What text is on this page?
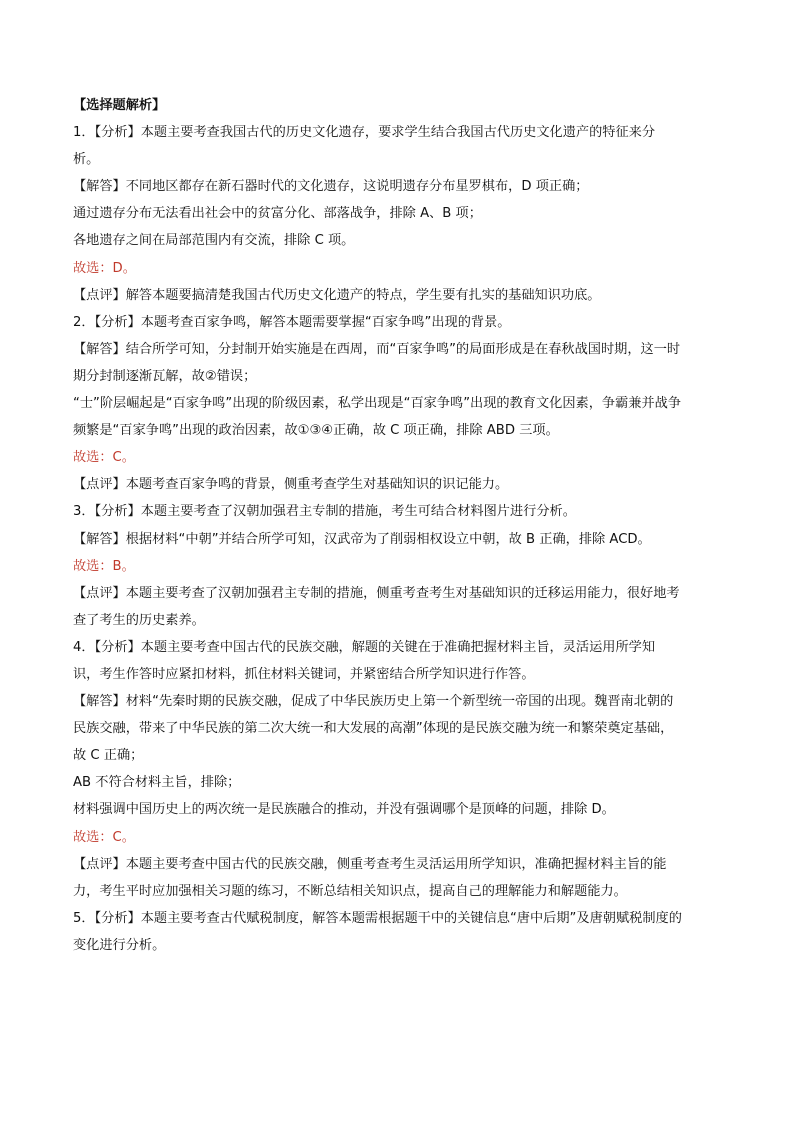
【选择题解析】
1．【分析】本题主要考查我国古代的历史文化遗存，要求学生结合我国古代历史文化遗产的特征来分
析。
【解答】不同地区都存在新石器时代的文化遗存，这说明遗存分布星罗棋布，D 项正确；
通过遗存分布无法看出社会中的贫富分化、部落战争，排除 A、B 项；
各地遗存之间在局部范围内有交流，排除 C 项。
故选：D。
【点评】解答本题要搞清楚我国古代历史文化遗产的特点，学生要有扎实的基础知识功底。
2．【分析】本题考查百家争鸣，解答本题需要掌握“百家争鸣”出现的背景。
【解答】结合所学可知，分封制开始实施是在西周，而“百家争鸣”的局面形成是在春秋战国时期，这一时
期分封制逐渐瓦解，故②错误；
“士”阶层崛起是“百家争鸣”出现的阶级因素，私学出现是“百家争鸣”出现的教育文化因素，争霸兼并战争
频繁是“百家争鸣”出现的政治因素，故①③④正确，故 C 项正确，排除 ABD 三项。
故选：C。
【点评】本题考查百家争鸣的背景，侧重考查学生对基础知识的识记能力。
3．【分析】本题主要考查了汉朝加强君主专制的措施，考生可结合材料图片进行分析。
【解答】根据材料“中朝”并结合所学可知，汉武帝为了削弱相权设立中朝，故 B 正确，排除 ACD。
故选：B。
【点评】本题主要考查了汉朝加强君主专制的措施，侧重考查考生对基础知识的迁移运用能力，很好地考
查了考生的历史素养。
4．【分析】本题主要考查中国古代的民族交融，解题的关键在于准确把握材料主旨，灵活运用所学知
识，考生作答时应紧扣材料，抓住材料关键词，并紧密结合所学知识进行作答。
【解答】材料“先秦时期的民族交融，促成了中华民族历史上第一个新型统一帝国的出现。魏晋南北朝的
民族交融，带来了中华民族的第二次大统一和大发展的高潮”体现的是民族交融为统一和繁荣奠定基础，
故 C 正确；
AB 不符合材料主旨，排除；
材料强调中国历史上的两次统一是民族融合的推动，并没有强调哪个是顶峰的问题，排除 D。
故选：C。
【点评】本题主要考查中国古代的民族交融，侧重考查考生灵活运用所学知识，准确把握材料主旨的能
力，考生平时应加强相关习题的练习，不断总结相关知识点，提高自己的理解能力和解题能力。
5．【分析】本题主要考查古代赋税制度，解答本题需根据题干中的关键信息“唐中后期”及唐朝赋税制度的
变化进行分析。
